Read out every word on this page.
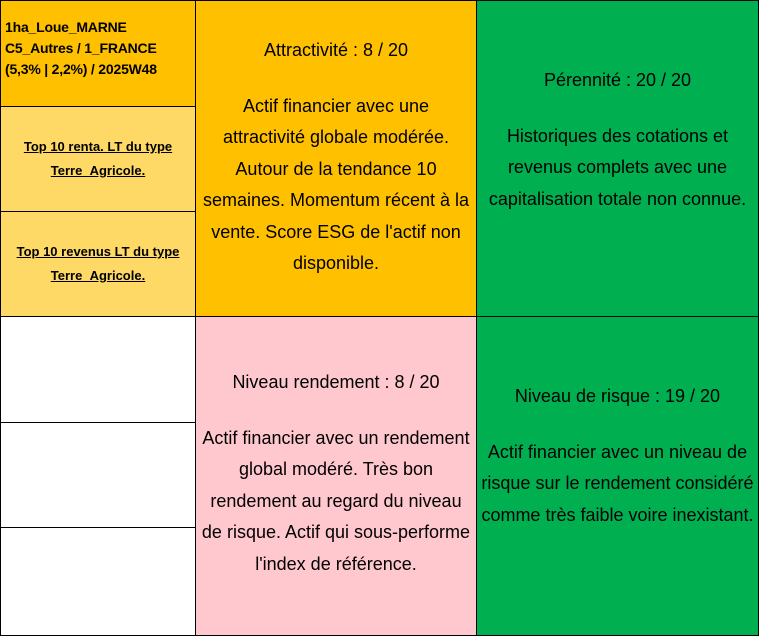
1ha_Loue_MARNE
C5_Autres / 1_FRANCE
(5,3% | 2,2%) / 2025W48
Top 10 renta. LT du type Terre_Agricole.
Top 10 revenus LT du type Terre_Agricole.
Attractivité : 8 / 20
Actif financier avec une attractivité globale modérée. Autour de la tendance 10 semaines. Momentum récent à la vente. Score ESG de l'actif non disponible.
Pérennité : 20 / 20
Historiques des cotations et revenus complets avec une capitalisation totale non connue.
Niveau rendement : 8 / 20
Actif financier avec un rendement global modéré. Très bon rendement au regard du niveau de risque. Actif qui sous-performe l'index de référence.
Niveau de risque : 19 / 20
Actif financier avec un niveau de risque sur le rendement considéré comme très faible voire inexistant.
